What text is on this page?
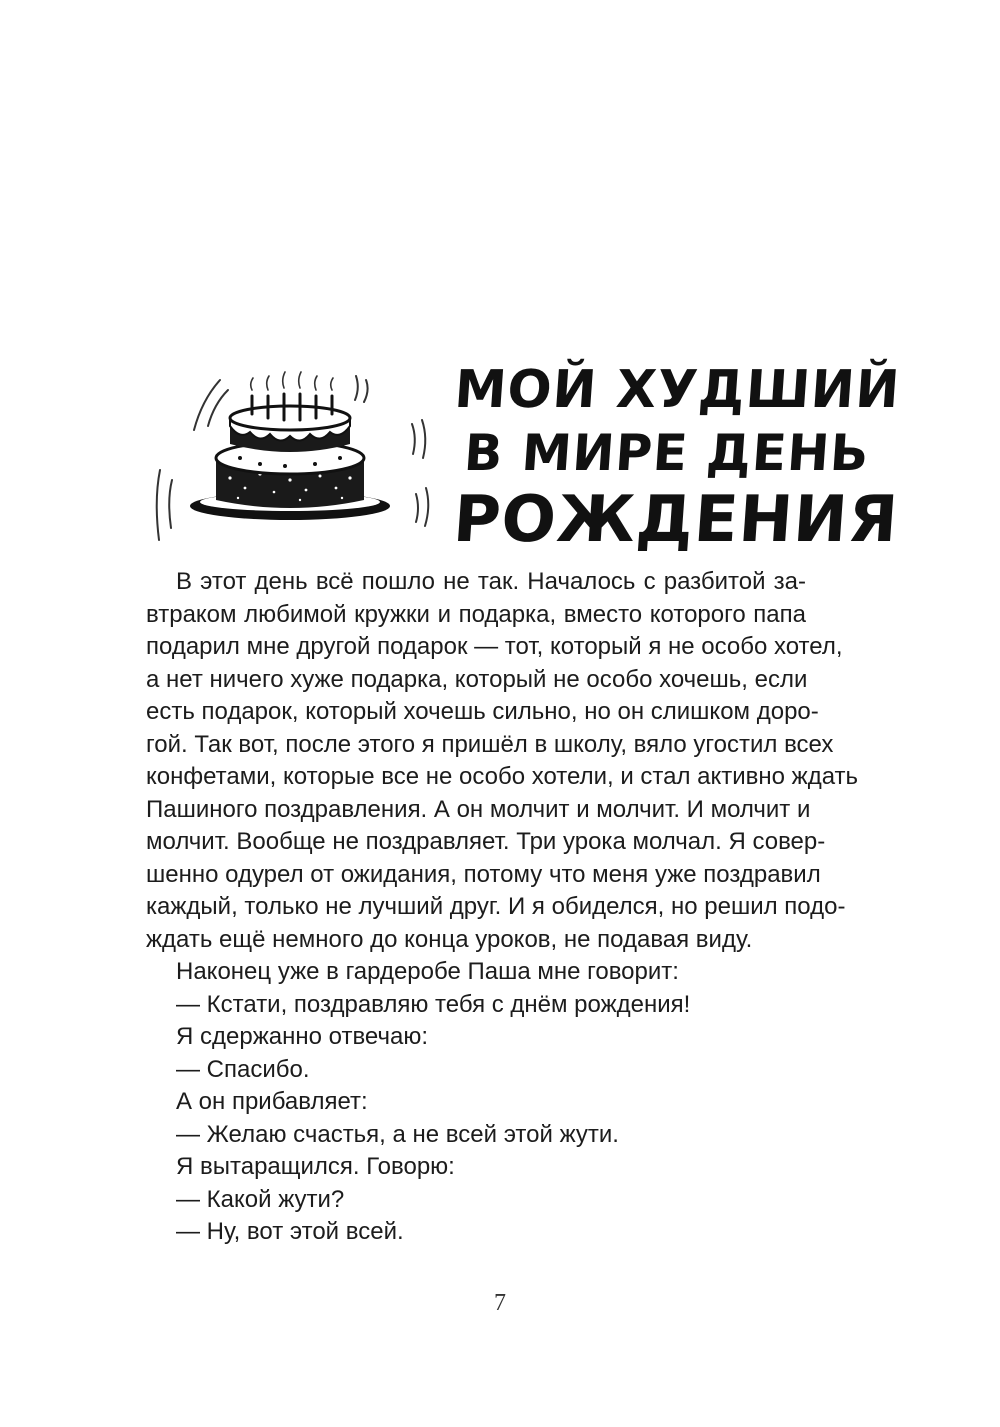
МОЙ ХУДШИЙ
В МИРЕ ДЕНЬ
РОЖДЕНИЯ
В этот день всё пошло не так. Началось с разбитой за-
втраком любимой кружки и подарка, вместо которого папа
подарил мне другой подарок — тот, который я не особо хотел,
а нет ничего хуже подарка, который не особо хочешь, если
есть подарок, который хочешь сильно, но он слишком доро-
гой. Так вот, после этого я пришёл в школу, вяло угостил всех
конфетами, которые все не особо хотели, и стал активно ждать
Пашиного поздравления. А он молчит и молчит. И молчит и
молчит. Вообще не поздравляет. Три урока молчал. Я совер-
шенно одурел от ожидания, потому что меня уже поздравил
каждый, только не лучший друг. И я обиделся, но решил подо-
ждать ещё немного до конца уроков, не подавая виду.
Наконец уже в гардеробе Паша мне говорит:
— Кстати, поздравляю тебя с днём рождения!
Я сдержанно отвечаю:
— Спасибо.
А он прибавляет:
— Желаю счастья, а не всей этой жути.
Я вытаращился. Говорю:
— Какой жути?
— Ну, вот этой всей.
7
